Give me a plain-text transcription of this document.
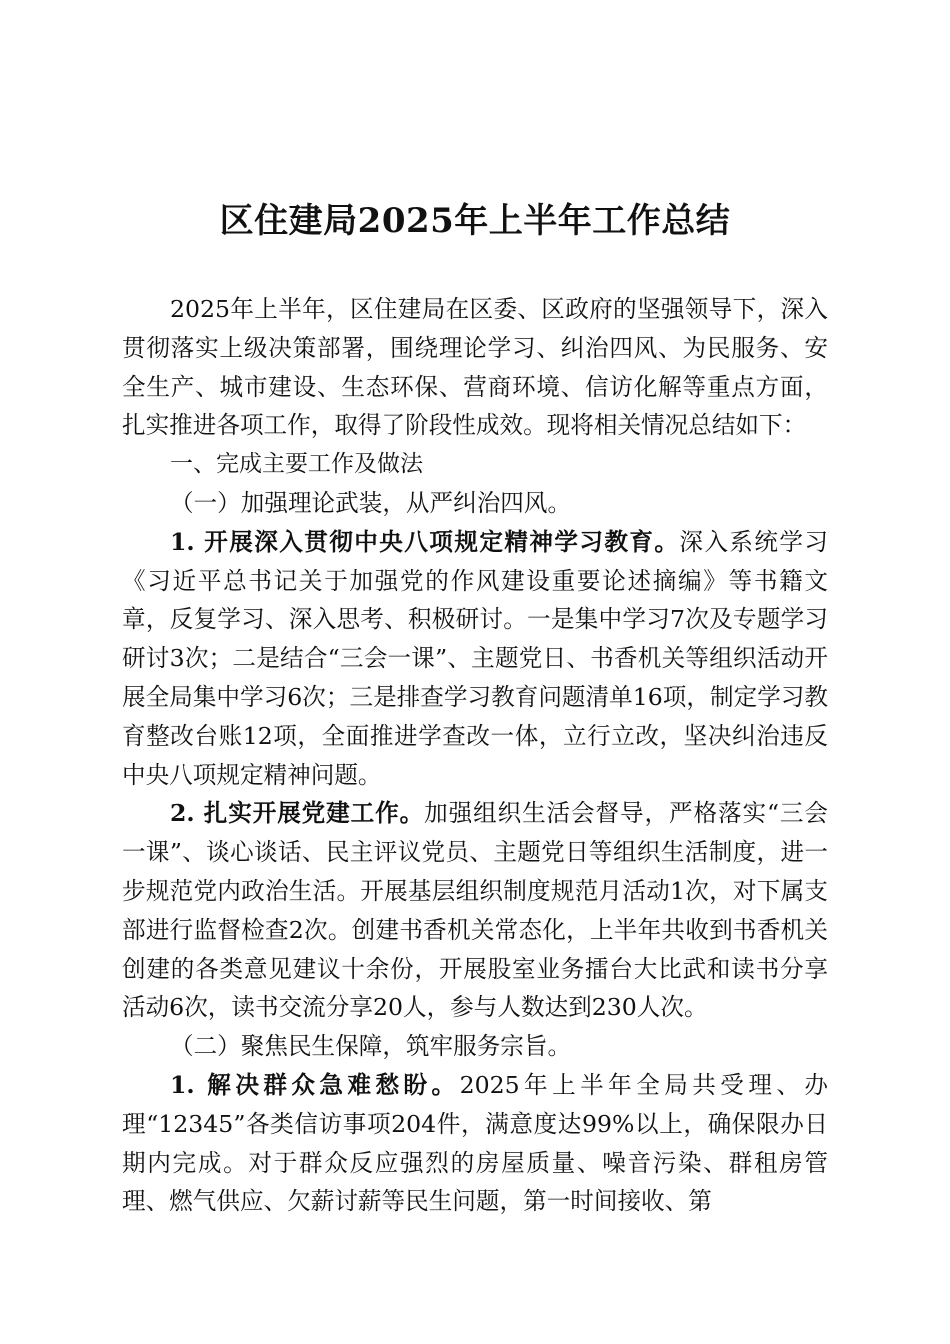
区住建局2025年上半年工作总结

2025年上半年，区住建局在区委、区政府的坚强领导下，深入贯彻落实上级决策部署，围绕理论学习、纠治四风、为民服务、安全生产、城市建设、生态环保、营商环境、信访化解等重点方面，扎实推进各项工作，取得了阶段性成效。现将相关情况总结如下：

一、完成主要工作及做法

（一）加强理论武装，从严纠治四风。

1. 开展深入贯彻中央八项规定精神学习教育。深入系统学习《习近平总书记关于加强党的作风建设重要论述摘编》等书籍文章，反复学习、深入思考、积极研讨。一是集中学习7次及专题学习研讨3次；二是结合“三会一课”、主题党日、书香机关等组织活动开展全局集中学习6次；三是排查学习教育问题清单16项，制定学习教育整改台账12项，全面推进学查改一体，立行立改，坚决纠治违反中央八项规定精神问题。

2. 扎实开展党建工作。加强组织生活会督导，严格落实“三会一课”、谈心谈话、民主评议党员、主题党日等组织生活制度，进一步规范党内政治生活。开展基层组织制度规范月活动1次，对下属支部进行监督检查2次。创建书香机关常态化，上半年共收到书香机关创建的各类意见建议十余份，开展股室业务擂台大比武和读书分享活动6次，读书交流分享20人，参与人数达到230人次。

（二）聚焦民生保障，筑牢服务宗旨。

1. 解决群众急难愁盼。2025年上半年全局共受理、办理“12345”各类信访事项204件，满意度达99%以上，确保限办日期内完成。对于群众反应强烈的房屋质量、噪音污染、群租房管理、燃气供应、欠薪讨薪等民生问题，第一时间接收、第
